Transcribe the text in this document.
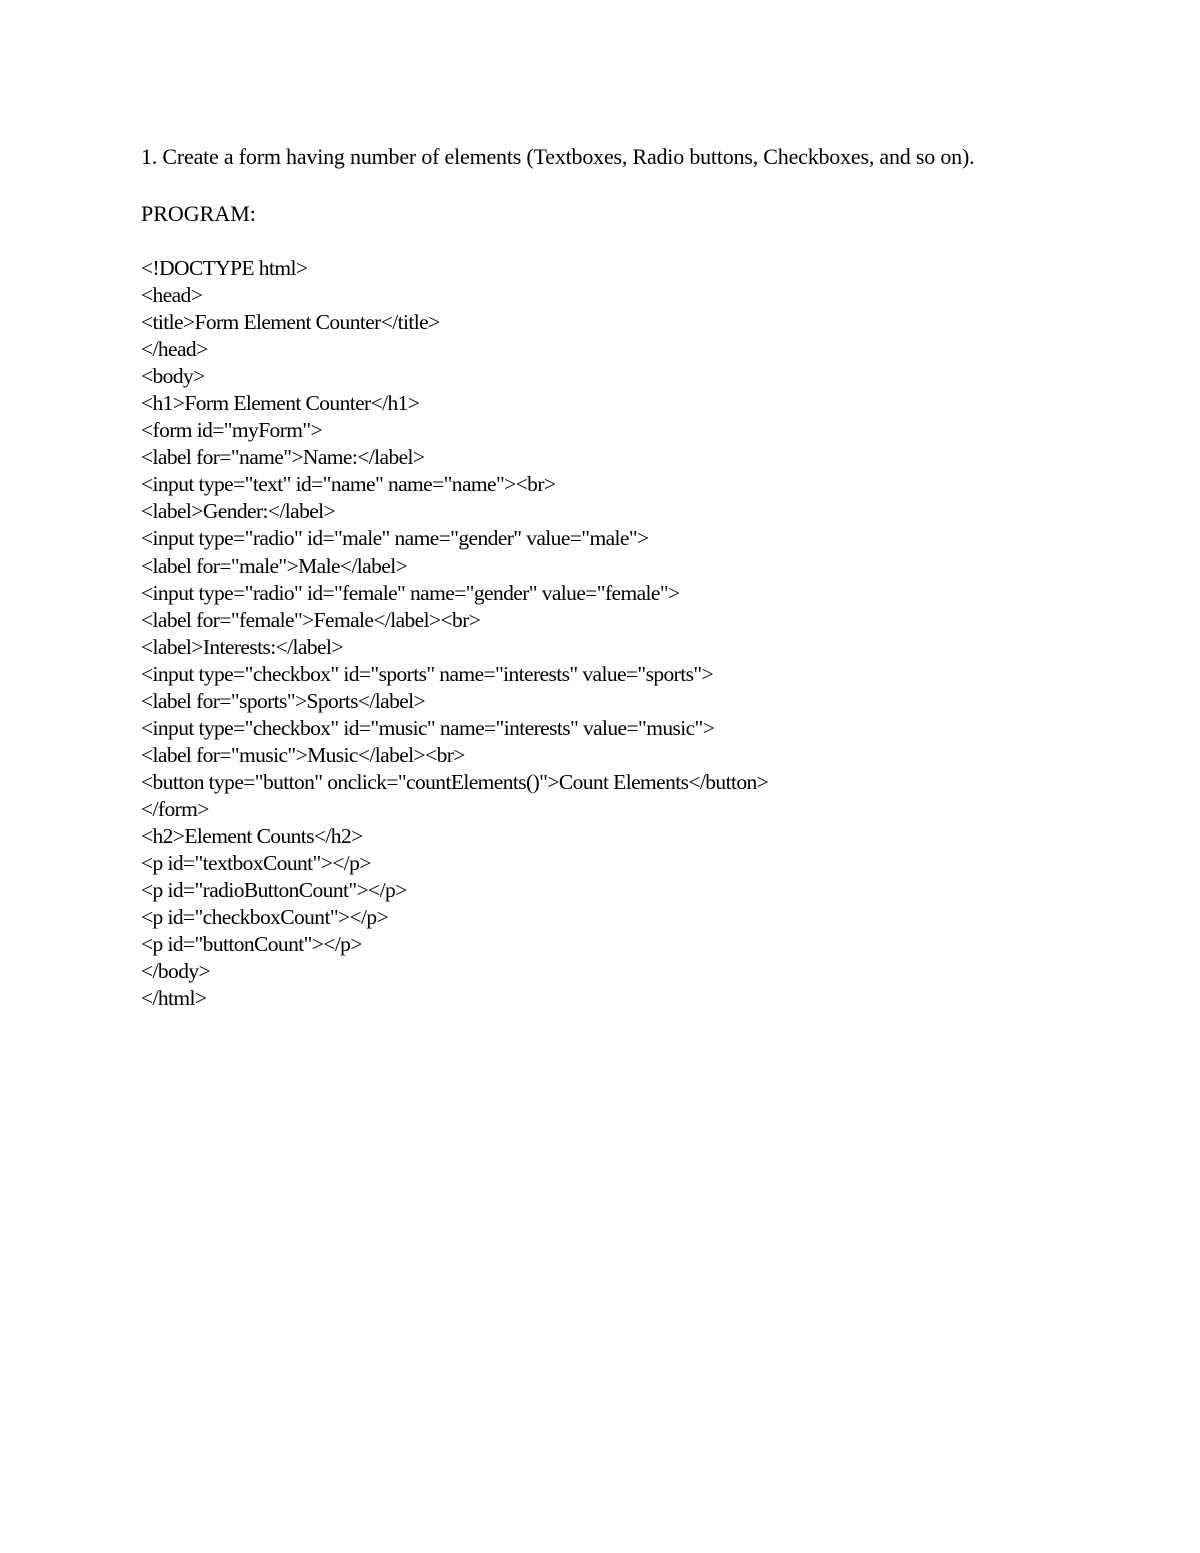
1. Create a form having number of elements (Textboxes, Radio buttons, Checkboxes, and so on).
PROGRAM:
<!DOCTYPE html>
<head>
<title>Form Element Counter</title>
</head>
<body>
<h1>Form Element Counter</h1>
<form id="myForm">
<label for="name">Name:</label>
<input type="text" id="name" name="name"><br>
<label>Gender:</label>
<input type="radio" id="male" name="gender" value="male">
<label for="male">Male</label>
<input type="radio" id="female" name="gender" value="female">
<label for="female">Female</label><br>
<label>Interests:</label>
<input type="checkbox" id="sports" name="interests" value="sports">
<label for="sports">Sports</label>
<input type="checkbox" id="music" name="interests" value="music">
<label for="music">Music</label><br>
<button type="button" onclick="countElements()">Count Elements</button>
</form>
<h2>Element Counts</h2>
<p id="textboxCount"></p>
<p id="radioButtonCount"></p>
<p id="checkboxCount"></p>
<p id="buttonCount"></p>
</body>
</html>
